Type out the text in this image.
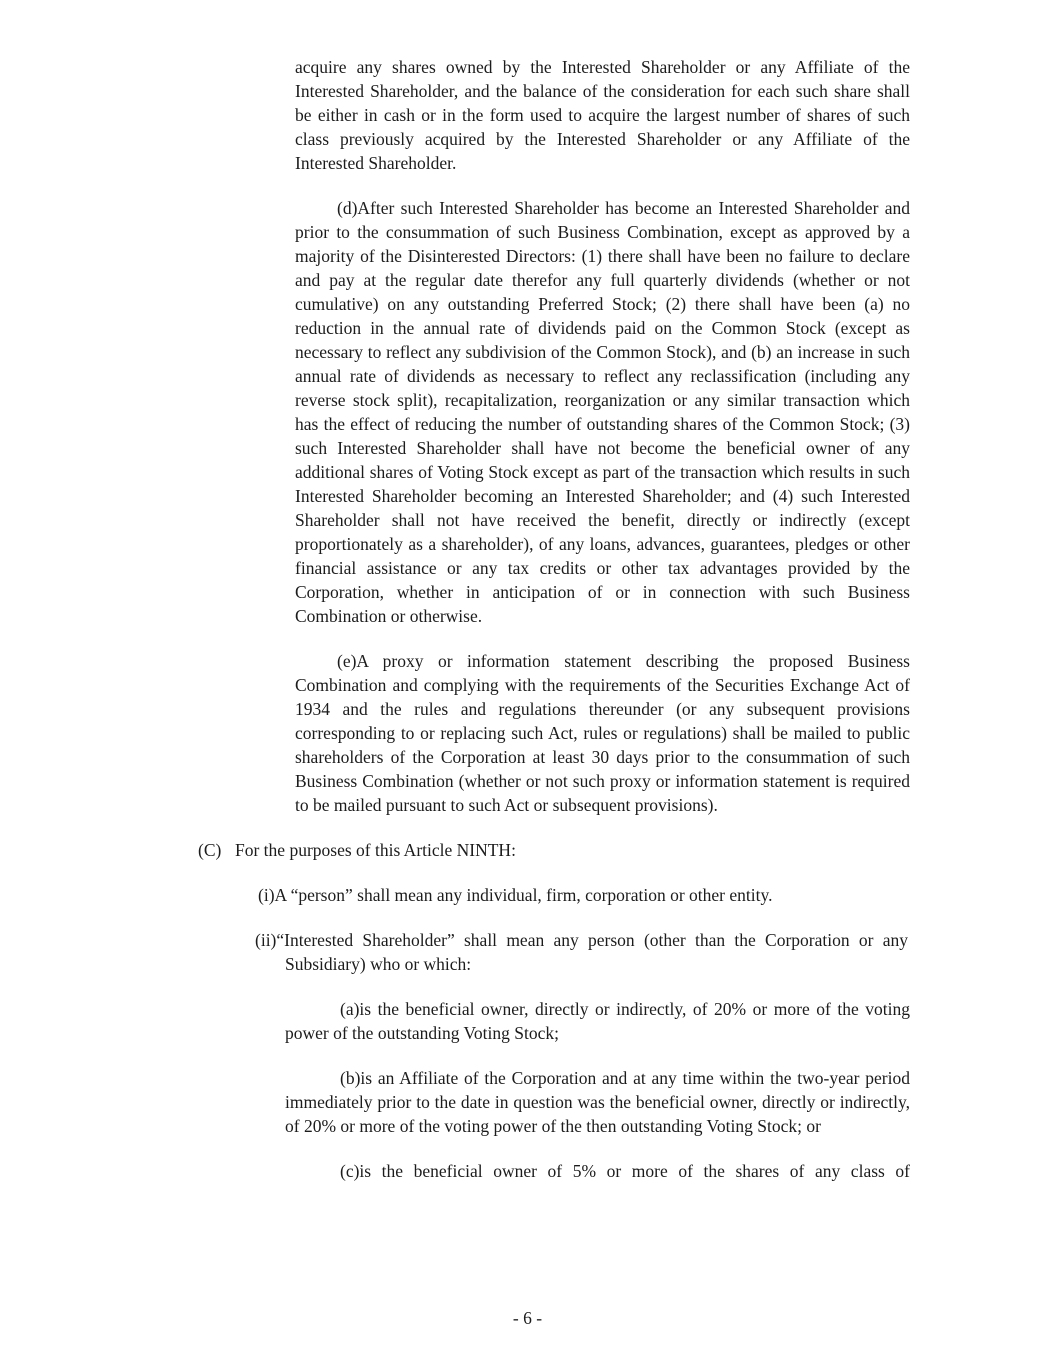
acquire any shares owned by the Interested Shareholder or any Affiliate of the Interested Shareholder, and the balance of the consideration for each such share shall be either in cash or in the form used to acquire the largest number of shares of such class previously acquired by the Interested Shareholder or any Affiliate of the Interested Shareholder.

(d)After such Interested Shareholder has become an Interested Shareholder and prior to the consummation of such Business Combination, except as approved by a majority of the Disinterested Directors: (1) there shall have been no failure to declare and pay at the regular date therefor any full quarterly dividends (whether or not cumulative) on any outstanding Preferred Stock; (2) there shall have been (a) no reduction in the annual rate of dividends paid on the Common Stock (except as necessary to reflect any subdivision of the Common Stock), and (b) an increase in such annual rate of dividends as necessary to reflect any reclassification (including any reverse stock split), recapitalization, reorganization or any similar transaction which has the effect of reducing the number of outstanding shares of the Common Stock; (3) such Interested Shareholder shall have not become the beneficial owner of any additional shares of Voting Stock except as part of the transaction which results in such Interested Shareholder becoming an Interested Shareholder; and (4) such Interested Shareholder shall not have received the benefit, directly or indirectly (except proportionately as a shareholder), of any loans, advances, guarantees, pledges or other financial assistance or any tax credits or other tax advantages provided by the Corporation, whether in anticipation of or in connection with such Business Combination or otherwise.

(e)A proxy or information statement describing the proposed Business Combination and complying with the requirements of the Securities Exchange Act of 1934 and the rules and regulations thereunder (or any subsequent provisions corresponding to or replacing such Act, rules or regulations) shall be mailed to public shareholders of the Corporation at least 30 days prior to the consummation of such Business Combination (whether or not such proxy or information statement is required to be mailed pursuant to such Act or subsequent provisions).

(C) For the purposes of this Article NINTH:

(i)A “person” shall mean any individual, firm, corporation or other entity.

(ii)“Interested Shareholder” shall mean any person (other than the Corporation or any Subsidiary) who or which:

(a)is the beneficial owner, directly or indirectly, of 20% or more of the voting power of the outstanding Voting Stock;

(b)is an Affiliate of the Corporation and at any time within the two-year period immediately prior to the date in question was the beneficial owner, directly or indirectly, of 20% or more of the voting power of the then outstanding Voting Stock; or

(c)is the beneficial owner of 5% or more of the shares of any class of

- 6 -
